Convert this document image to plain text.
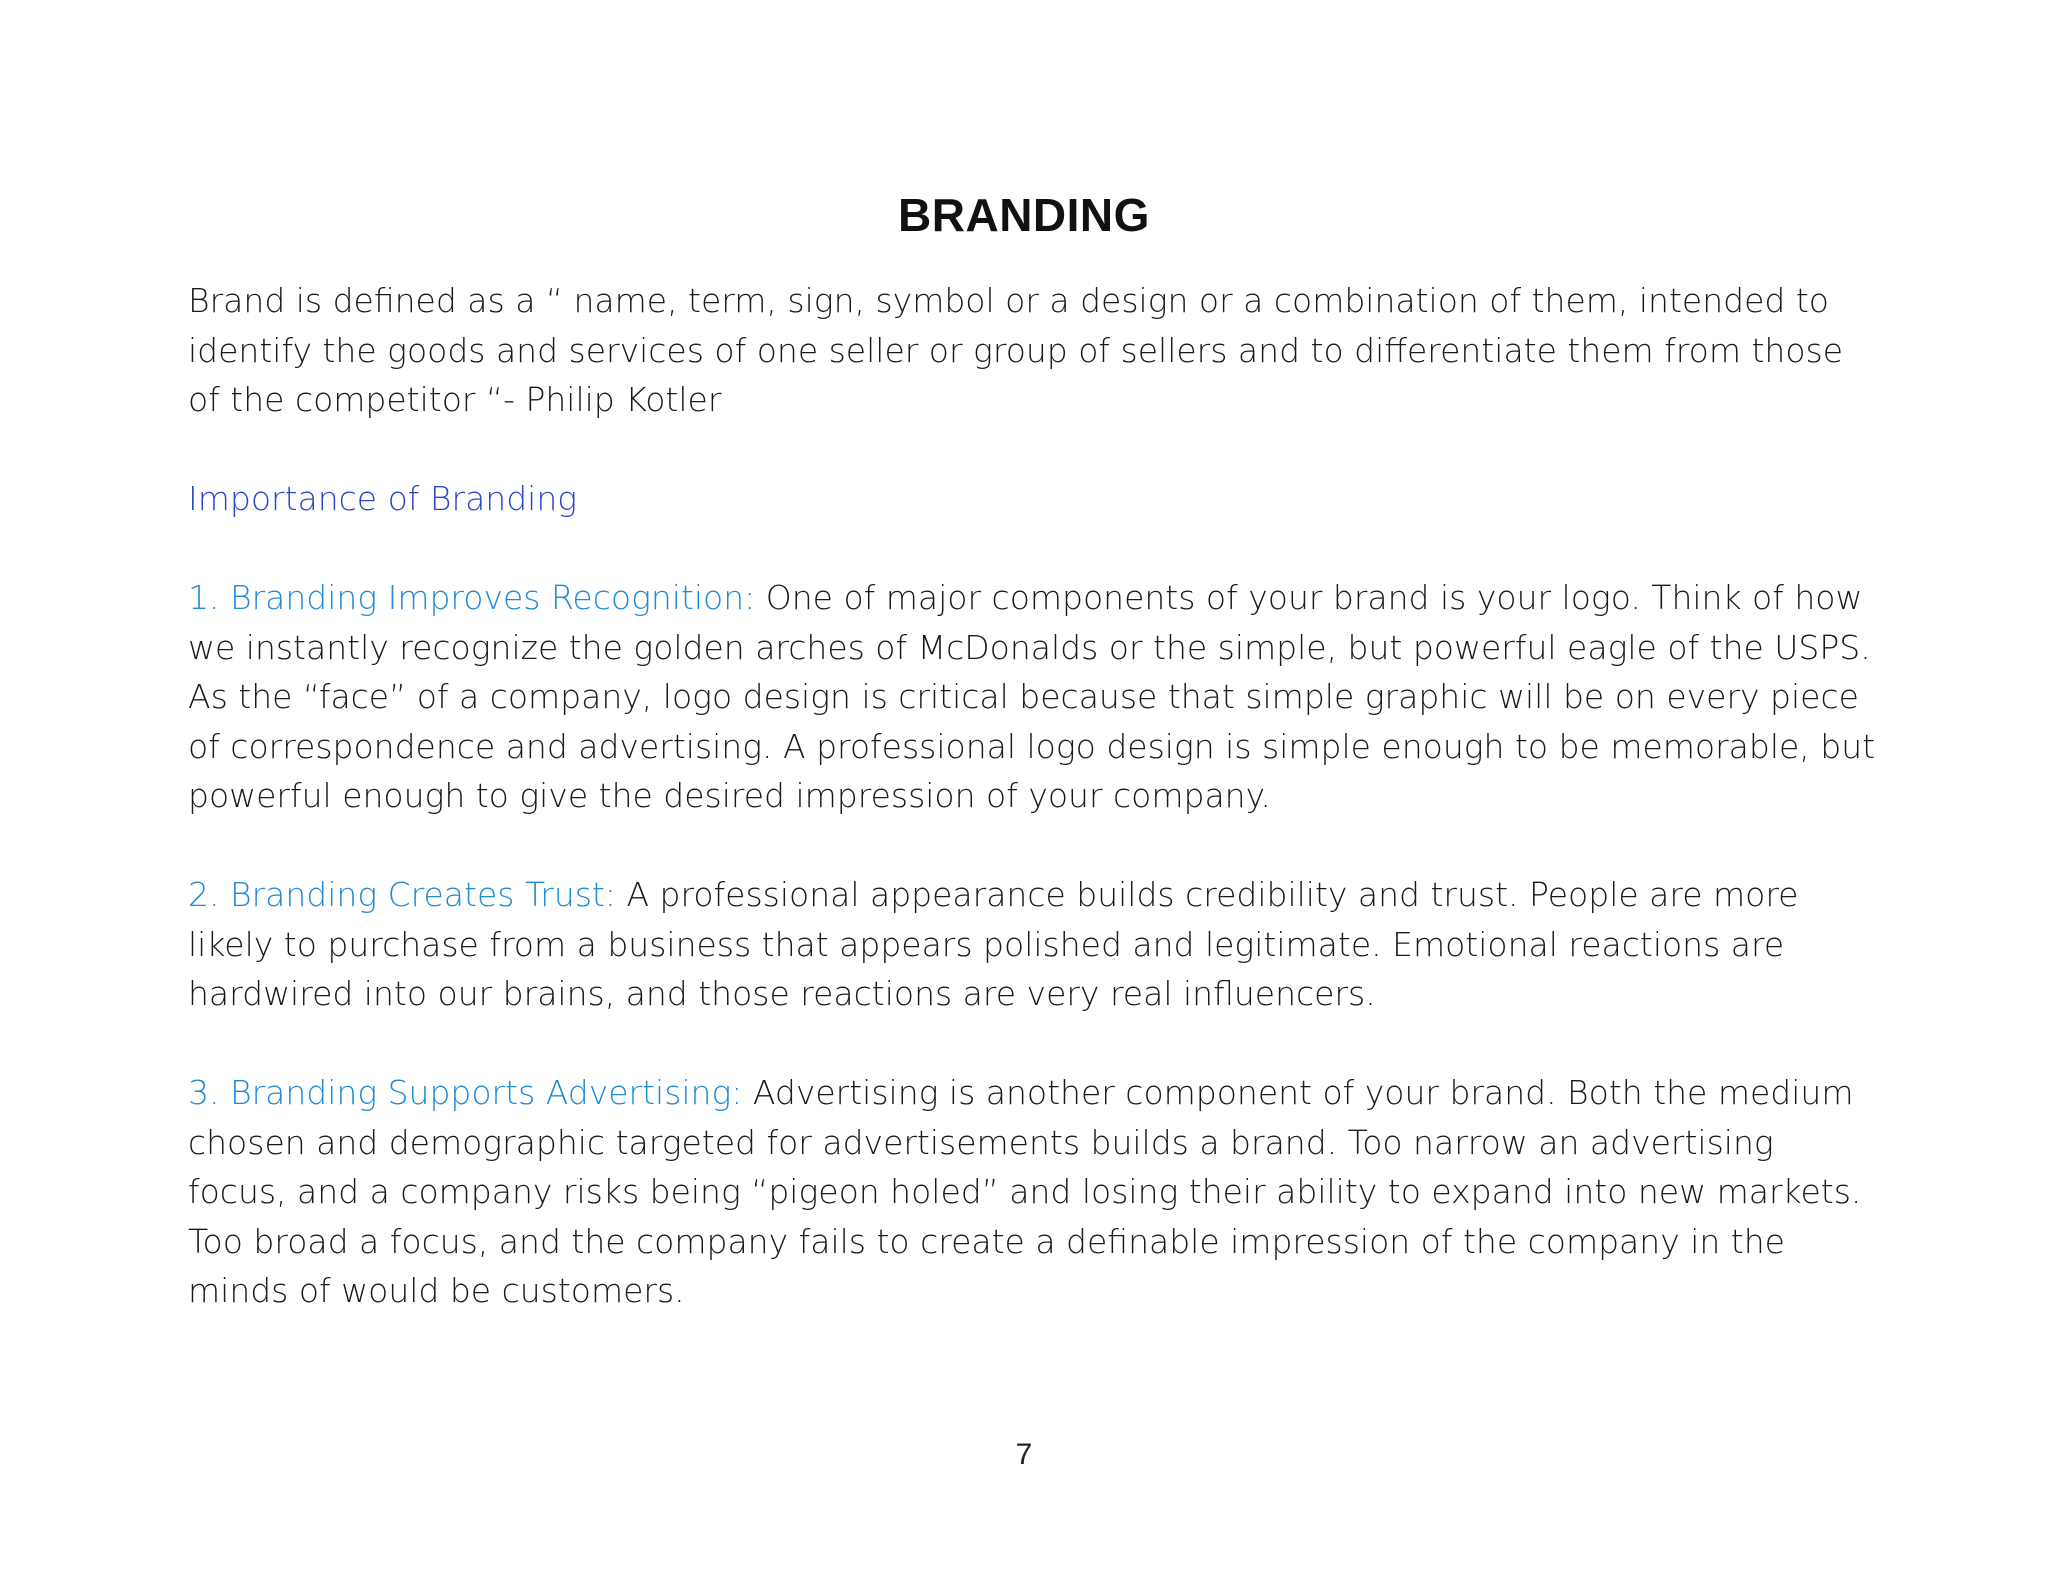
BRANDING

Brand is defined as a “ name, term, sign, symbol or a design or a combination of them, intended to identify the goods and services of one seller or group of sellers and to differentiate them from those of the competitor “- Philip Kotler

Importance of Branding

1. Branding Improves Recognition: One of major components of your brand is your logo. Think of how we instantly recognize the golden arches of McDonalds or the simple, but powerful eagle of the USPS. As the “face” of a company, logo design is critical because that simple graphic will be on every piece of correspondence and advertising. A professional logo design is simple enough to be memorable, but powerful enough to give the desired impression of your company.

2. Branding Creates Trust: A professional appearance builds credibility and trust. People are more likely to purchase from a business that appears polished and legitimate. Emotional reactions are hardwired into our brains, and those reactions are very real influencers.

3. Branding Supports Advertising: Advertising is another component of your brand. Both the medium chosen and demographic targeted for advertisements builds a brand. Too narrow an advertising focus, and a company risks being “pigeon holed” and losing their ability to expand into new markets. Too broad a focus, and the company fails to create a definable impression of the company in the minds of would be customers.

7
